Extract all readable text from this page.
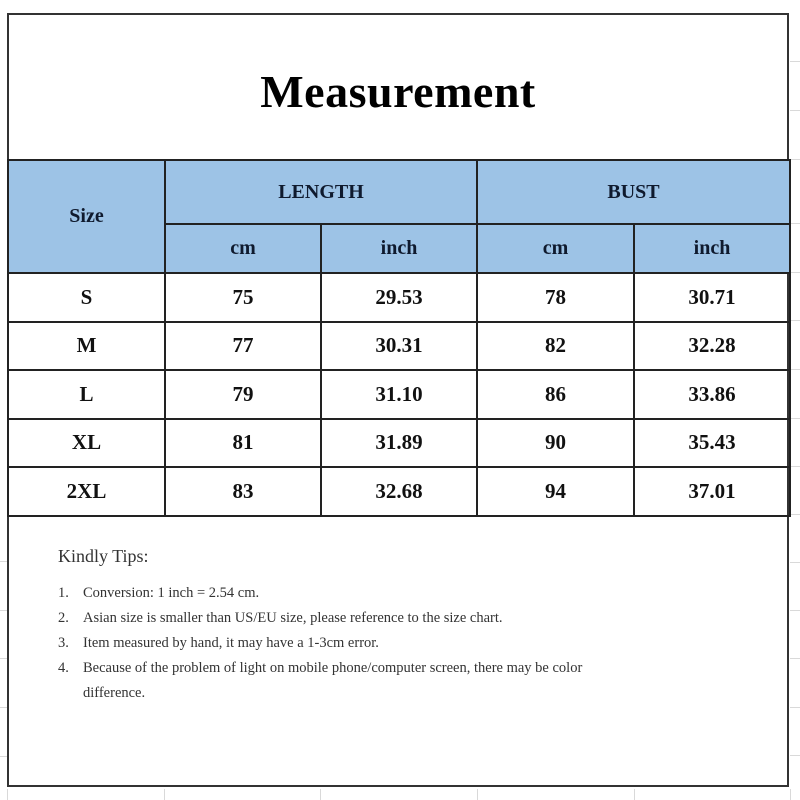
Measurement
Size	LENGTH		BUST	
	cm	inch	cm	inch
S	75	29.53	78	30.71
M	77	30.31	82	32.28
L	79	31.10	86	33.86
XL	81	31.89	90	35.43
2XL	83	32.68	94	37.01
Kindly Tips:
1. Conversion: 1 inch = 2.54 cm.
2. Asian size is smaller than US/EU size, please reference to the size chart.
3. Item measured by hand, it may have a 1-3cm error.
4. Because of the problem of light on mobile phone/computer screen, there may be color difference.
